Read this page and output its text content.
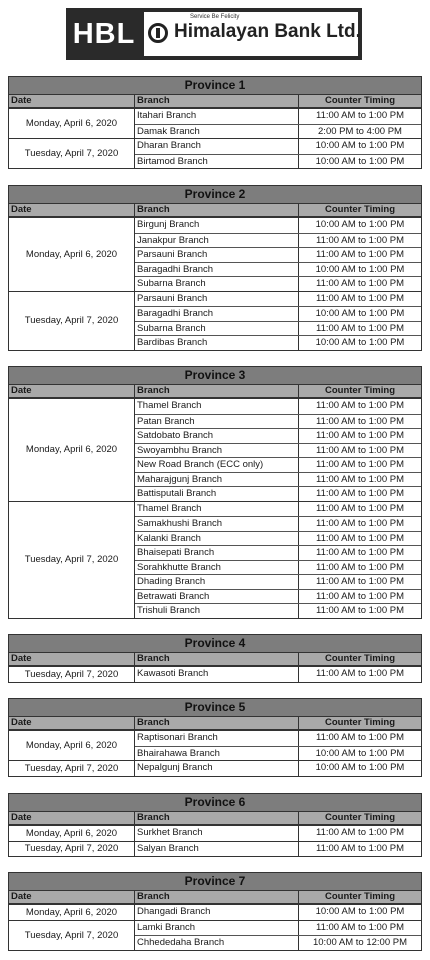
HBL
Service Be Felicity
Himalayan Bank Ltd.
Province 1
Date	Branch	Counter Timing
Monday, April 6, 2020
Itahari Branch	11:00 AM to 1:00 PM
Damak Branch	2:00 PM to 4:00 PM
Tuesday, April 7, 2020
Dharan Branch	10:00 AM to 1:00 PM
Birtamod Branch	10:00 AM to 1:00 PM
Province 2
Date	Branch	Counter Timing
Monday, April 6, 2020
Birgunj Branch	10:00 AM to 1:00 PM
Janakpur Branch	11:00 AM to 1:00 PM
Parsauni Branch	11:00 AM to 1:00 PM
Baragadhi Branch	10:00 AM to 1:00 PM
Subarna Branch	11:00 AM to 1:00 PM
Tuesday, April 7, 2020
Parsauni Branch	11:00 AM to 1:00 PM
Baragadhi Branch	10:00 AM to 1:00 PM
Subarna Branch	11:00 AM to 1:00 PM
Bardibas Branch	10:00 AM to 1:00 PM
Province 3
Date	Branch	Counter Timing
Monday, April 6, 2020
Thamel Branch	11:00 AM to 1:00 PM
Patan Branch	11:00 AM to 1:00 PM
Satdobato Branch	11:00 AM to 1:00 PM
Swoyambhu Branch	11:00 AM to 1:00 PM
New Road Branch (ECC only)	11:00 AM to 1:00 PM
Maharajgunj Branch	11:00 AM to 1:00 PM
Battisputali Branch	11:00 AM to 1:00 PM
Tuesday, April 7, 2020
Thamel Branch	11:00 AM to 1:00 PM
Samakhushi Branch	11:00 AM to 1:00 PM
Kalanki Branch	11:00 AM to 1:00 PM
Bhaisepati Branch	11:00 AM to 1:00 PM
Sorahkhutte Branch	11:00 AM to 1:00 PM
Dhading Branch	11:00 AM to 1:00 PM
Betrawati Branch	11:00 AM to 1:00 PM
Trishuli Branch	11:00 AM to 1:00 PM
Province 4
Date	Branch	Counter Timing
Tuesday, April 7, 2020	Kawasoti Branch	11:00 AM to 1:00 PM
Province 5
Date	Branch	Counter Timing
Monday, April 6, 2020
Raptisonari Branch	11:00 AM to 1:00 PM
Bhairahawa Branch	10:00 AM to 1:00 PM
Tuesday, April 7, 2020	Nepalgunj Branch	10:00 AM to 1:00 PM
Province 6
Date	Branch	Counter Timing
Monday, April 6, 2020	Surkhet Branch	11:00 AM to 1:00 PM
Tuesday, April 7, 2020	Salyan Branch	11:00 AM to 1:00 PM
Province 7
Date	Branch	Counter Timing
Monday, April 6, 2020	Dhangadi Branch	10:00 AM to 1:00 PM
Tuesday, April 7, 2020
Lamki Branch	11:00 AM to 1:00 PM
Chhededaha Branch	10:00 AM to 12:00 PM
